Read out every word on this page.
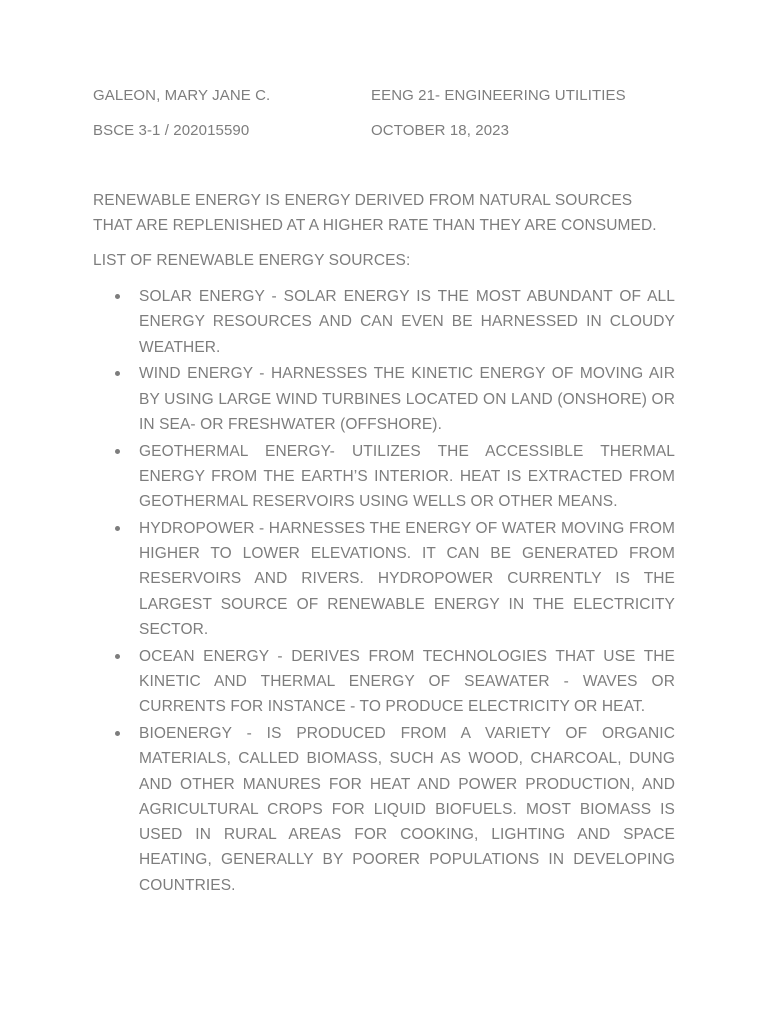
GALEON, MARY JANE C.	EENG 21- ENGINEERING UTILITIES
BSCE 3-1 / 202015590	OCTOBER 18, 2023

RENEWABLE ENERGY IS ENERGY DERIVED FROM NATURAL SOURCES THAT ARE REPLENISHED AT A HIGHER RATE THAN THEY ARE CONSUMED.

LIST OF RENEWABLE ENERGY SOURCES:

SOLAR ENERGY - SOLAR ENERGY IS THE MOST ABUNDANT OF ALL ENERGY RESOURCES AND CAN EVEN BE HARNESSED IN CLOUDY WEATHER.
WIND ENERGY - HARNESSES THE KINETIC ENERGY OF MOVING AIR BY USING LARGE WIND TURBINES LOCATED ON LAND (ONSHORE) OR IN SEA- OR FRESHWATER (OFFSHORE).
GEOTHERMAL ENERGY- UTILIZES THE ACCESSIBLE THERMAL ENERGY FROM THE EARTH’S INTERIOR. HEAT IS EXTRACTED FROM GEOTHERMAL RESERVOIRS USING WELLS OR OTHER MEANS.
HYDROPOWER - HARNESSES THE ENERGY OF WATER MOVING FROM HIGHER TO LOWER ELEVATIONS. IT CAN BE GENERATED FROM RESERVOIRS AND RIVERS. HYDROPOWER CURRENTLY IS THE LARGEST SOURCE OF RENEWABLE ENERGY IN THE ELECTRICITY SECTOR.
OCEAN ENERGY - DERIVES FROM TECHNOLOGIES THAT USE THE KINETIC AND THERMAL ENERGY OF SEAWATER - WAVES OR CURRENTS FOR INSTANCE - TO PRODUCE ELECTRICITY OR HEAT.
BIOENERGY - IS PRODUCED FROM A VARIETY OF ORGANIC MATERIALS, CALLED BIOMASS, SUCH AS WOOD, CHARCOAL, DUNG AND OTHER MANURES FOR HEAT AND POWER PRODUCTION, AND AGRICULTURAL CROPS FOR LIQUID BIOFUELS. MOST BIOMASS IS USED IN RURAL AREAS FOR COOKING, LIGHTING AND SPACE HEATING, GENERALLY BY POORER POPULATIONS IN DEVELOPING COUNTRIES.
